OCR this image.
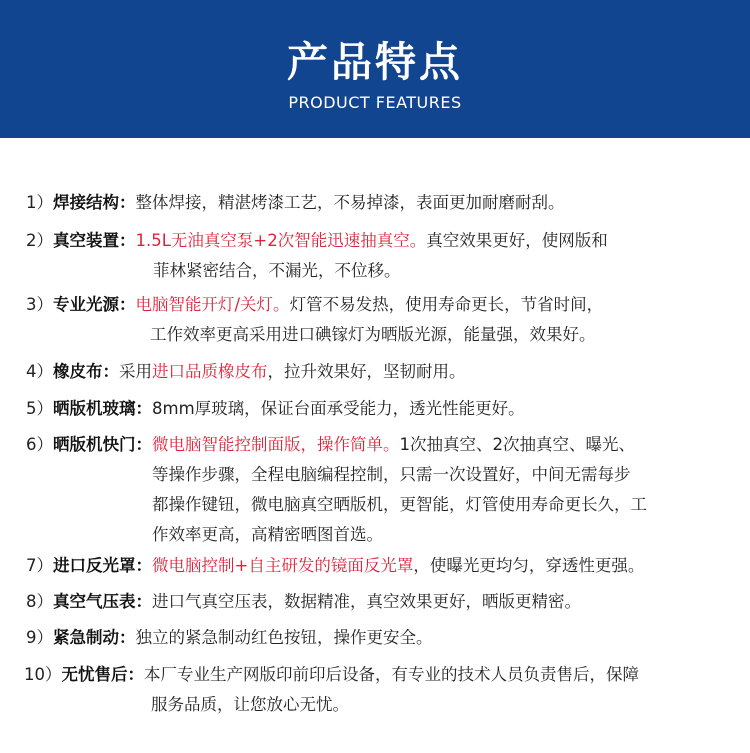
产品特点
PRODUCT FEATURES
1）焊接结构：整体焊接，精湛烤漆工艺，不易掉漆，表面更加耐磨耐刮。
2）真空装置：1.5L无油真空泵+2次智能迅速抽真空。真空效果更好，使网版和
菲林紧密结合，不漏光，不位移。
3）专业光源：电脑智能开灯/关灯。灯管不易发热，使用寿命更长，节省时间，
工作效率更高采用进口碘镓灯为晒版光源，能量强，效果好。
4）橡皮布：采用进口品质橡皮布，拉升效果好，坚韧耐用。
5）晒版机玻璃：8mm厚玻璃，保证台面承受能力，透光性能更好。
6）晒版机快门：微电脑智能控制面版，操作简单。1次抽真空、2次抽真空、曝光、
等操作步骤，全程电脑编程控制，只需一次设置好，中间无需每步
都操作键钮，微电脑真空晒版机，更智能，灯管使用寿命更长久，工
作效率更高，高精密晒图首选。
7）进口反光罩：微电脑控制+自主研发的镜面反光罩，使曝光更均匀，穿透性更强。
8）真空气压表：进口气真空压表，数据精准，真空效果更好，晒版更精密。
9）紧急制动：独立的紧急制动红色按钮，操作更安全。
10）无忧售后：本厂专业生产网版印前印后设备，有专业的技术人员负责售后，保障
服务品质，让您放心无忧。
